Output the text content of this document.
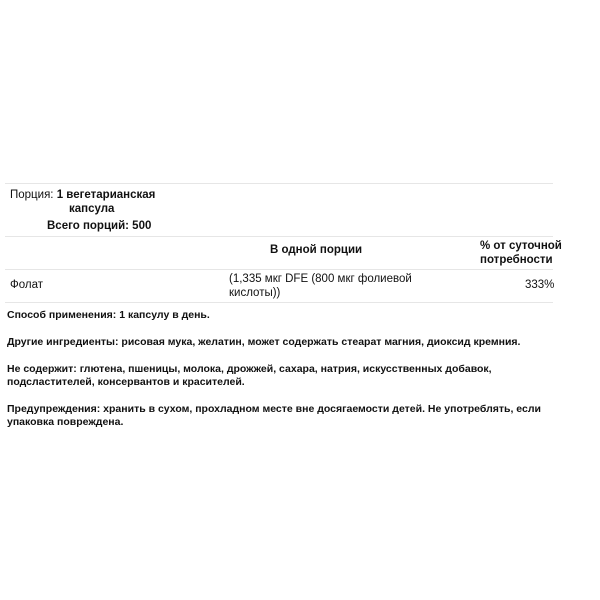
Порция: 1 вегетарианская
капсула
Всего порций: 500
В одной порции	% от суточной
потребности
Фолат	(1,335 мкг DFE (800 мкг фолиевой
кислоты))
333%

Способ применения: 1 капсулу в день.

Другие ингредиенты: рисовая мука, желатин, может содержать стеарат магния, диоксид кремния.

Не содержит: глютена, пшеницы, молока, дрожжей, сахара, натрия, искусственных добавок, подсластителей, консервантов и красителей.

Предупреждения: хранить в сухом, прохладном месте вне досягаемости детей. Не употреблять, если упаковка повреждена.
